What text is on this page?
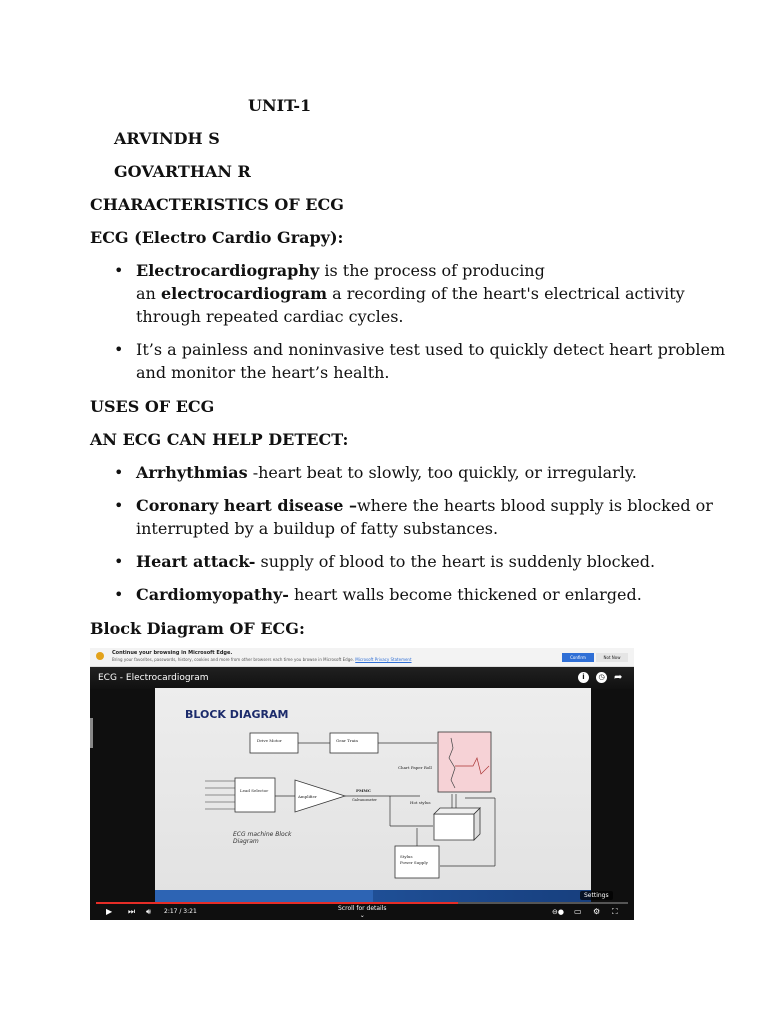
UNIT-1
ARVINDH S
GOVARTHAN R
CHARACTERISTICS OF ECG
ECG (Electro Cardio Grapy):
• Electrocardiography is the process of producing
an electrocardiogram a recording of the heart's electrical activity
through repeated cardiac cycles.
• It’s a painless and noninvasive test used to quickly detect heart problem
and monitor the heart’s health.
USES OF ECG
AN ECG CAN HELP DETECT:
• Arrhythmias -heart beat to slowly, too quickly, or irregularly.
• Coronary heart disease –where the hearts blood supply is blocked or
interrupted by a buildup of fatty substances.
• Heart attack- supply of blood to the heart is suddenly blocked.
• Cardiomyopathy- heart walls become thickened or enlarged.
Block Diagram OF ECG:
Continue your browsing in Microsoft Edge.
Bring your favorites, passwords, history, cookies and more from other browsers each time you browse in Microsoft Edge. Microsoft Privacy Statement	Confirm	Not Now
ECG - Electrocardiogram	i	◷ ➦
BLOCK DIAGRAM
Drive Motor	Gear Train
Chart Paper Roll
Lead Selector
Amplifier
PMMC
Galvanometer	Hot stylus
Stylus
Power Supply
ECG machine Block
Diagram
Settings
▶ ⏭ 🔊︎ 2:17 / 3:21	Scroll for details
⌄	⊖● ▭ ⚙ ⛶
